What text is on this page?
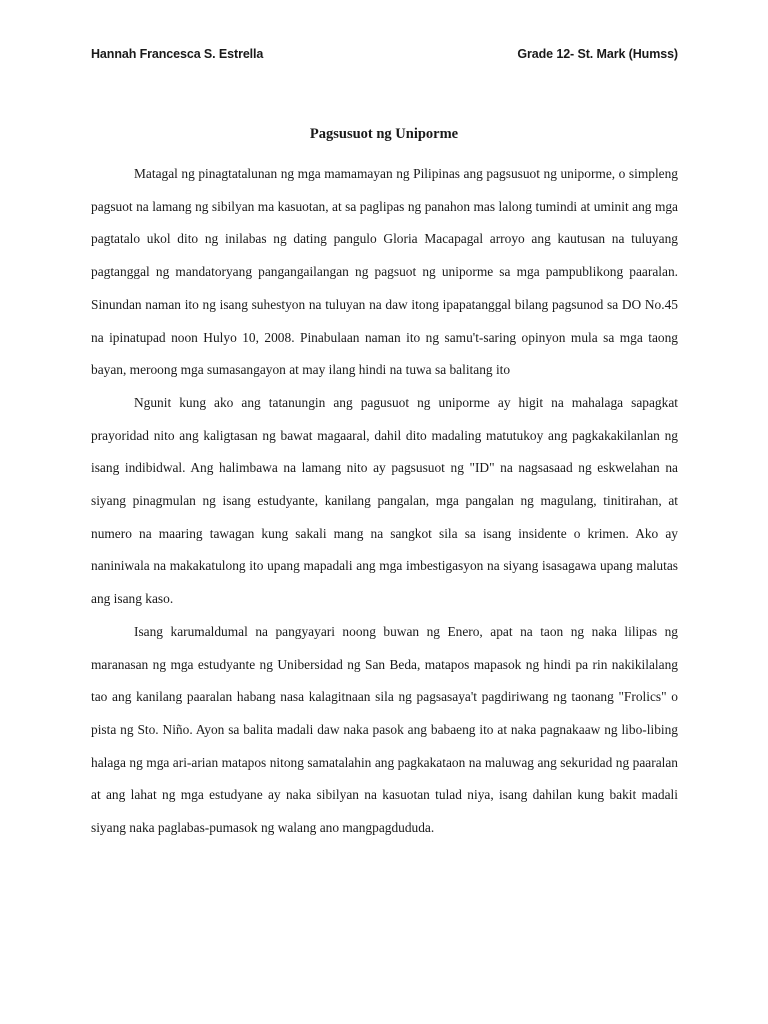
Hannah Francesca S. Estrella	Grade 12- St. Mark (Humss)
Pagsusuot ng Uniporme

Matagal ng pinagtatalunan ng mga mamamayan ng Pilipinas ang pagsusuot ng uniporme, o simpleng pagsuot na lamang ng sibilyan ma kasuotan, at sa paglipas ng panahon mas lalong tumindi at uminit ang mga pagtatalo ukol dito ng inilabas ng dating pangulo Gloria Macapagal arroyo ang kautusan na tuluyang pagtanggal ng mandatoryang pangangailangan ng pagsuot ng uniporme sa mga pampublikong paaralan. Sinundan naman ito ng isang suhestyon na tuluyan na daw itong ipapatanggal bilang pagsunod sa DO No.45 na ipinatupad noon Hulyo 10, 2008. Pinabulaan naman ito ng samu't-saring opinyon mula sa mga taong bayan, meroong mga sumasangayon at may ilang hindi na tuwa sa balitang ito

Ngunit kung ako ang tatanungin ang pagusuot ng uniporme ay higit na mahalaga sapagkat prayoridad nito ang kaligtasan ng bawat magaaral, dahil dito madaling matutukoy ang pagkakakilanlan ng isang indibidwal. Ang halimbawa na lamang nito ay pagsusuot ng "ID" na nagsasaad ng eskwelahan na siyang pinagmulan ng isang estudyante, kanilang pangalan, mga pangalan ng magulang, tinitirahan, at numero na maaring tawagan kung sakali mang na sangkot sila sa isang insidente o krimen. Ako ay naniniwala na makakatulong ito upang mapadali ang mga imbestigasyon na siyang isasagawa upang malutas ang isang kaso.

Isang karumaldumal na pangyayari noong buwan ng Enero, apat na taon ng naka lilipas ng maranasan ng mga estudyante ng Unibersidad ng San Beda, matapos mapasok ng hindi pa rin nakikilalang tao ang kanilang paaralan habang nasa kalagitnaan sila ng pagsasaya't pagdiriwang ng taonang "Frolics" o pista ng Sto. Niño. Ayon sa balita madali daw naka pasok ang babaeng ito at naka pagnakaaw ng libo-libing halaga ng mga ari-arian matapos nitong samatalahin ang pagkakataon na maluwag ang sekuridad ng paaralan at ang lahat ng mga estudyane ay naka sibilyan na kasuotan tulad niya, isang dahilan kung bakit madali siyang naka paglabas-pumasok ng walang ano mangpagdududa.
